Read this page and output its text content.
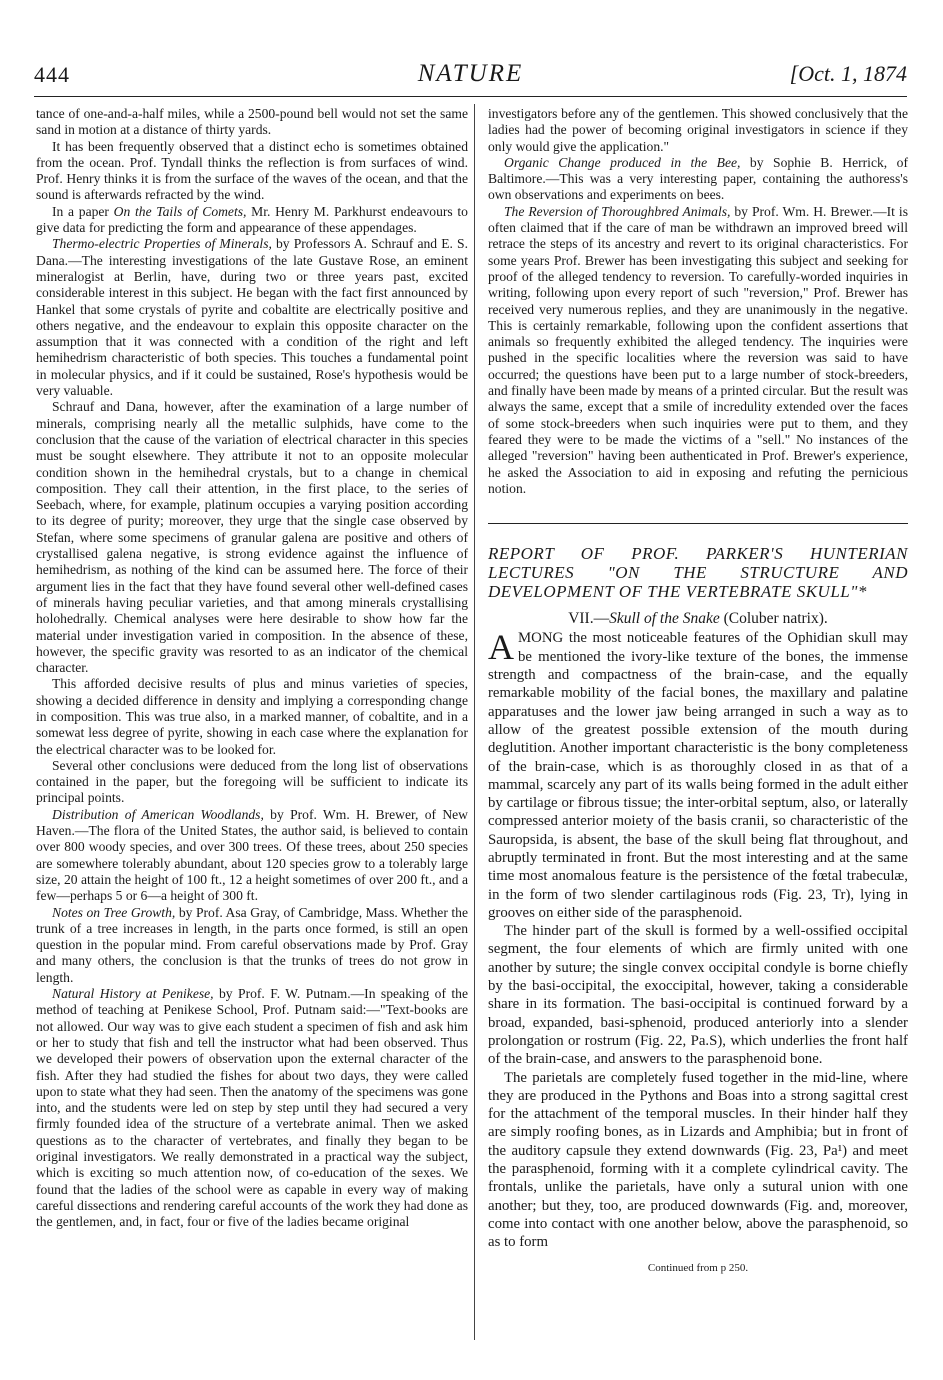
444	NATURE	[Oct. 1, 1874

tance of one-and-a-half miles, while a 2500-pound bell would not set the same sand in motion at a distance of thirty yards.

It has been frequently observed that a distinct echo is sometimes obtained from the ocean. Prof. Tyndall thinks the reflection is from surfaces of wind. Prof. Henry thinks it is from the surface of the waves of the ocean, and that the sound is afterwards refracted by the wind.

In a paper On the Tails of Comets, Mr. Henry M. Parkhurst endeavours to give data for predicting the form and appearance of these appendages.

Thermo-electric Properties of Minerals, by Professors A. Schrauf and E. S. Dana.—The interesting investigations of the late Gustave Rose, an eminent mineralogist at Berlin, have, during two or three years past, excited considerable interest in this subject. He began with the fact first announced by Hankel that some crystals of pyrite and cobaltite are electrically positive and others negative, and the endeavour to explain this opposite character on the assumption that it was connected with a condition of the right and left hemihedrism characteristic of both species. This touches a fundamental point in molecular physics, and if it could be sustained, Rose's hypothesis would be very valuable.

Schrauf and Dana, however, after the examination of a large number of minerals, comprising nearly all the metallic sulphids, have come to the conclusion that the cause of the variation of electrical character in this species must be sought elsewhere. They attribute it not to an opposite molecular condition shown in the hemihedral crystals, but to a change in chemical composition. They call their attention, in the first place, to the series of Seebach, where, for example, platinum occupies a varying position according to its degree of purity; moreover, they urge that the single case observed by Stefan, where some specimens of granular galena are positive and others of crystallised galena negative, is strong evidence against the influence of hemihedrism, as nothing of the kind can be assumed here. The force of their argument lies in the fact that they have found several other well-defined cases of minerals having peculiar varieties, and that among minerals crystallising holohedrally. Chemical analyses were here desirable to show how far the material under investigation varied in composition. In the absence of these, however, the specific gravity was resorted to as an indicator of the chemical character.

This afforded decisive results of plus and minus varieties of species, showing a decided difference in density and implying a corresponding change in composition. This was true also, in a marked manner, of cobaltite, and in a somewat less degree of pyrite, showing in each case where the explanation for the electrical character was to be looked for.

Several other conclusions were deduced from the long list of observations contained in the paper, but the foregoing will be sufficient to indicate its principal points.

Distribution of American Woodlands, by Prof. Wm. H. Brewer, of New Haven.—The flora of the United States, the author said, is believed to contain over 800 woody species, and over 300 trees. Of these trees, about 250 species are somewhere tolerably abundant, about 120 species grow to a tolerably large size, 20 attain the height of 100 ft., 12 a height sometimes of over 200 ft., and a few—perhaps 5 or 6—a height of 300 ft.

Notes on Tree Growth, by Prof. Asa Gray, of Cambridge, Mass. Whether the trunk of a tree increases in length, in the parts once formed, is still an open question in the popular mind. From careful observations made by Prof. Gray and many others, the conclusion is that the trunks of trees do not grow in length.

Natural History at Penikese, by Prof. F. W. Putnam.—In speaking of the method of teaching at Penikese School, Prof. Putnam said:—"Text-books are not allowed. Our way was to give each student a specimen of fish and ask him or her to study that fish and tell the instructor what had been observed. Thus we developed their powers of observation upon the external character of the fish. After they had studied the fishes for about two days, they were called upon to state what they had seen. Then the anatomy of the specimens was gone into, and the students were led on step by step until they had secured a very firmly founded idea of the structure of a vertebrate animal. Then we asked questions as to the character of vertebrates, and finally they began to be original investigators. We really demonstrated in a practical way the subject, which is exciting so much attention now, of co-education of the sexes. We found that the ladies of the school were as capable in every way of making careful dissections and rendering careful accounts of the work they had done as the gentlemen, and, in fact, four or five of the ladies became original

investigators before any of the gentlemen. This showed conclusively that the ladies had the power of becoming original investigators in science if they only would give the application."

Organic Change produced in the Bee, by Sophie B. Herrick, of Baltimore.—This was a very interesting paper, containing the authoress's own observations and experiments on bees.

The Reversion of Thoroughbred Animals, by Prof. Wm. H. Brewer.—It is often claimed that if the care of man be withdrawn an improved breed will retrace the steps of its ancestry and revert to its original characteristics. For some years Prof. Brewer has been investigating this subject and seeking for proof of the alleged tendency to reversion. To carefully-worded inquiries in writing, following upon every report of such "reversion," Prof. Brewer has received very numerous replies, and they are unanimously in the negative. This is certainly remarkable, following upon the confident assertions that animals so frequently exhibited the alleged tendency. The inquiries were pushed in the specific localities where the reversion was said to have occurred; the questions have been put to a large number of stock-breeders, and finally have been made by means of a printed circular. But the result was always the same, except that a smile of incredulity extended over the faces of some stock-breeders when such inquiries were put to them, and they feared they were to be made the victims of a "sell." No instances of the alleged "reversion" having been authenticated in Prof. Brewer's experience, he asked the Association to aid in exposing and refuting the pernicious notion.

REPORT OF PROF. PARKER'S HUNTERIAN LECTURES "ON THE STRUCTURE AND DEVELOPMENT OF THE VERTEBRATE SKULL"*
VII.—Skull of the Snake (Coluber natrix).

AMONG the most noticeable features of the Ophidian skull may be mentioned the ivory-like texture of the bones, the immense strength and compactness of the brain-case, and the equally remarkable mobility of the facial bones, the maxillary and palatine apparatuses and the lower jaw being arranged in such a way as to allow of the greatest possible extension of the mouth during deglutition. Another important characteristic is the bony completeness of the brain-case, which is as thoroughly closed in as that of a mammal, scarcely any part of its walls being formed in the adult either by cartilage or fibrous tissue; the inter-orbital septum, also, or laterally compressed anterior moiety of the basis cranii, so characteristic of the Sauropsida, is absent, the base of the skull being flat throughout, and abruptly terminated in front. But the most interesting and at the same time most anomalous feature is the persistence of the fœtal trabeculæ, in the form of two slender cartilaginous rods (Fig. 23, Tr), lying in grooves on either side of the parasphenoid.

The hinder part of the skull is formed by a well-ossified occipital segment, the four elements of which are firmly united with one another by suture; the single convex occipital condyle is borne chiefly by the basi-occipital, the exoccipital, however, taking a considerable share in its formation. The basi-occipital is continued forward by a broad, expanded, basi-sphenoid, produced anteriorly into a slender prolongation or rostrum (Fig. 22, Pa.S), which underlies the front half of the brain-case, and answers to the parasphenoid bone.

The parietals are completely fused together in the mid-line, where they are produced in the Pythons and Boas into a strong sagittal crest for the attachment of the temporal muscles. In their hinder half they are simply roofing bones, as in Lizards and Amphibia; but in front of the auditory capsule they extend downwards (Fig. 23, Pa¹) and meet the parasphenoid, forming with it a complete cylindrical cavity. The frontals, unlike the parietals, have only a sutural union with one another; but they, too, are produced downwards (Fig. and, moreover, come into contact with one another below, above the parasphenoid, so as to form

Continued from p 250.
